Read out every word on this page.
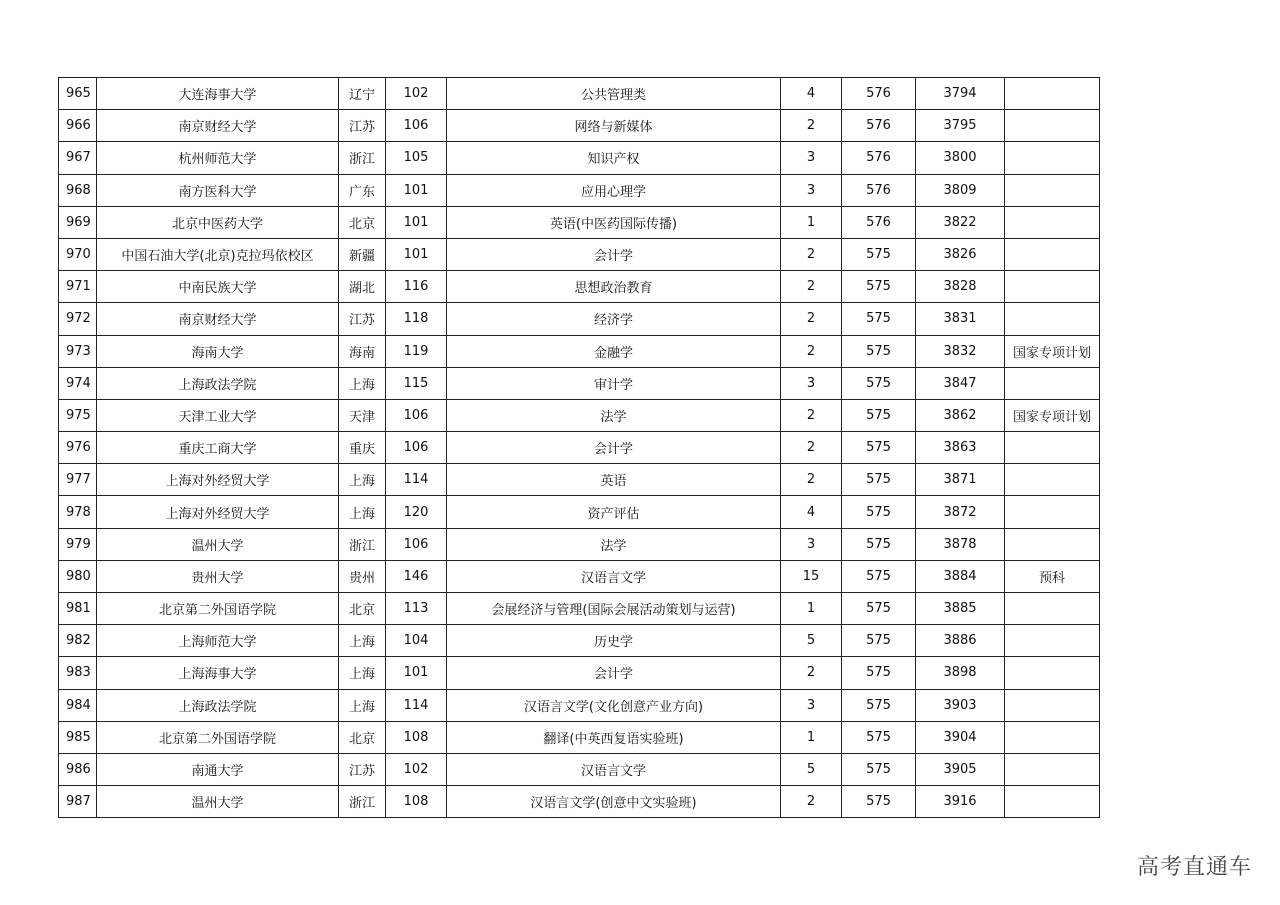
965	大连海事大学	辽宁	102	公共管理类	4	576	3794	
966	南京财经大学	江苏	106	网络与新媒体	2	576	3795	
967	杭州师范大学	浙江	105	知识产权	3	576	3800	
968	南方医科大学	广东	101	应用心理学	3	576	3809	
969	北京中医药大学	北京	101	英语(中医药国际传播)	1	576	3822	
970	中国石油大学(北京)克拉玛依校区	新疆	101	会计学	2	575	3826	
971	中南民族大学	湖北	116	思想政治教育	2	575	3828	
972	南京财经大学	江苏	118	经济学	2	575	3831	
973	海南大学	海南	119	金融学	2	575	3832	国家专项计划
974	上海政法学院	上海	115	审计学	3	575	3847	
975	天津工业大学	天津	106	法学	2	575	3862	国家专项计划
976	重庆工商大学	重庆	106	会计学	2	575	3863	
977	上海对外经贸大学	上海	114	英语	2	575	3871	
978	上海对外经贸大学	上海	120	资产评估	4	575	3872	
979	温州大学	浙江	106	法学	3	575	3878	
980	贵州大学	贵州	146	汉语言文学	15	575	3884	预科
981	北京第二外国语学院	北京	113	会展经济与管理(国际会展活动策划与运营)	1	575	3885	
982	上海师范大学	上海	104	历史学	5	575	3886	
983	上海海事大学	上海	101	会计学	2	575	3898	
984	上海政法学院	上海	114	汉语言文学(文化创意产业方向)	3	575	3903	
985	北京第二外国语学院	北京	108	翻译(中英西复语实验班)	1	575	3904	
986	南通大学	江苏	102	汉语言文学	5	575	3905	
987	温州大学	浙江	108	汉语言文学(创意中文实验班)	2	575	3916	
高考直通车
